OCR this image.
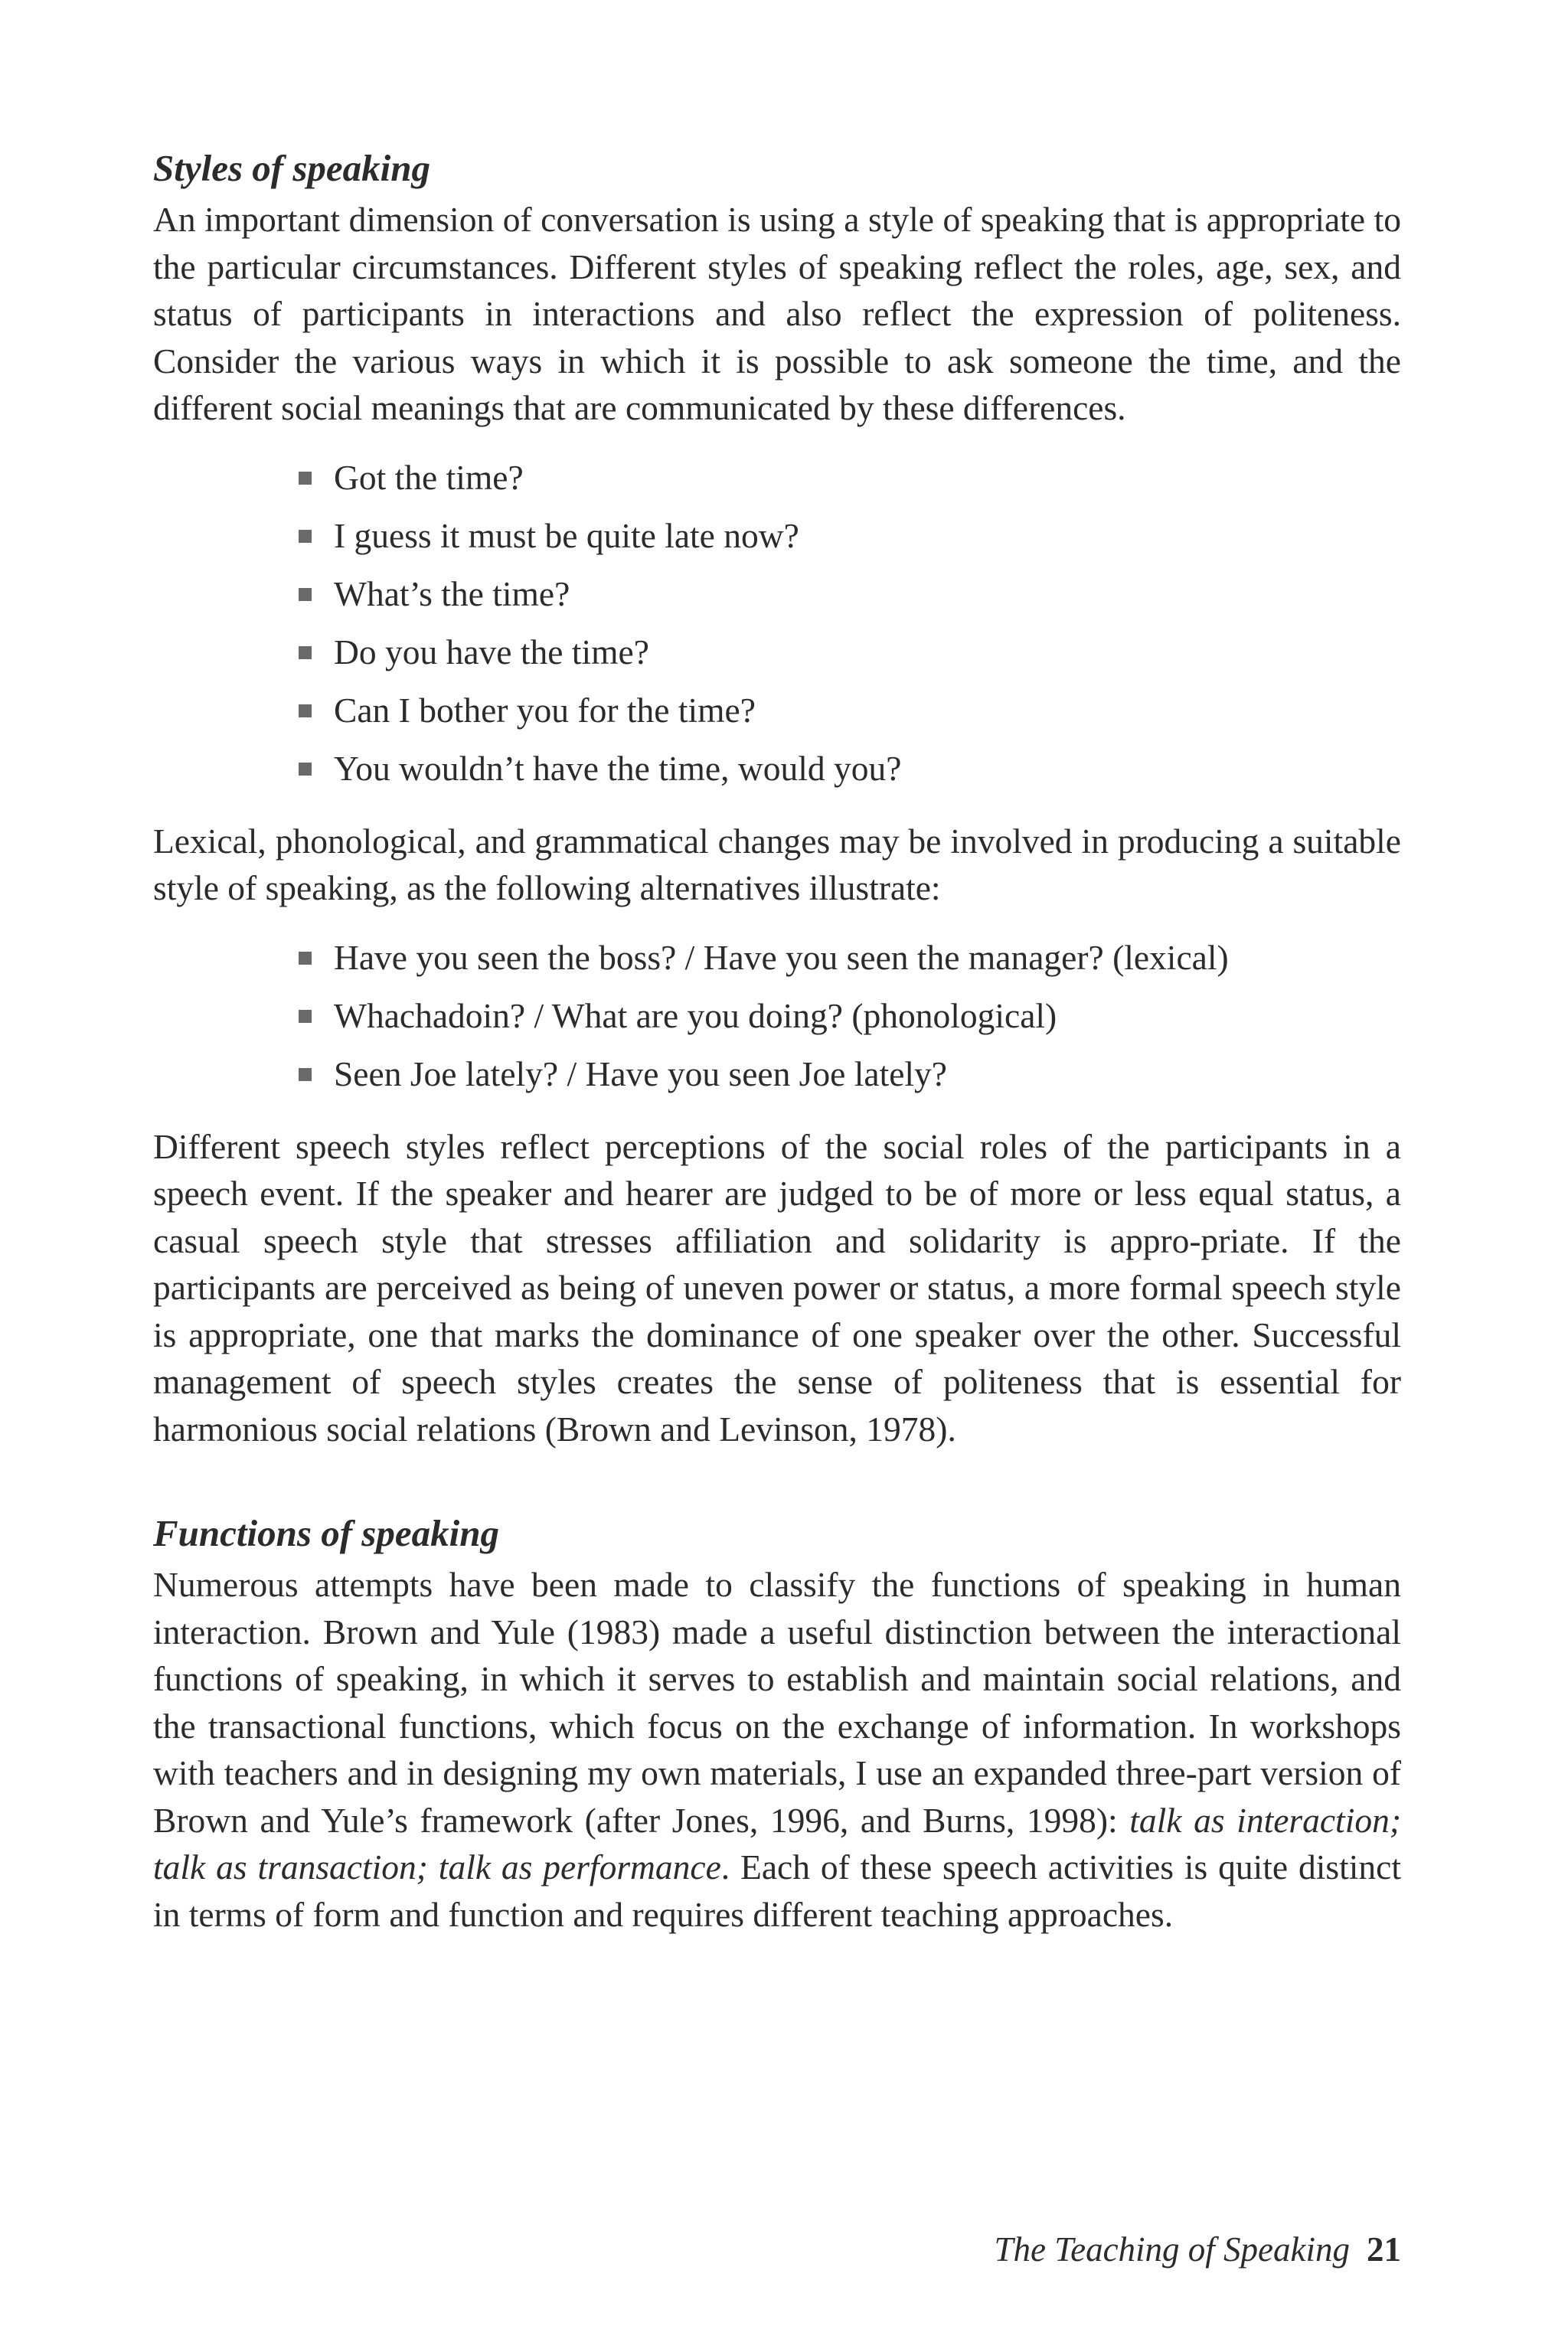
Styles of speaking

An important dimension of conversation is using a style of speaking that is appropriate to the particular circumstances. Different styles of speaking reflect the roles, age, sex, and status of participants in interactions and also reflect the expression of politeness. Consider the various ways in which it is possible to ask someone the time, and the different social meanings that are communicated by these differences.

Got the time?
I guess it must be quite late now?
What’s the time?
Do you have the time?
Can I bother you for the time?
You wouldn’t have the time, would you?

Lexical, phonological, and grammatical changes may be involved in producing a suitable style of speaking, as the following alternatives illustrate:

Have you seen the boss? / Have you seen the manager? (lexical)
Whachadoin? / What are you doing? (phonological)
Seen Joe lately? / Have you seen Joe lately?

Different speech styles reflect perceptions of the social roles of the participants in a speech event. If the speaker and hearer are judged to be of more or less equal status, a casual speech style that stresses affiliation and solidarity is appro-priate. If the participants are perceived as being of uneven power or status, a more formal speech style is appropriate, one that marks the dominance of one speaker over the other. Successful management of speech styles creates the sense of politeness that is essential for harmonious social relations (Brown and Levinson, 1978).

Functions of speaking

Numerous attempts have been made to classify the functions of speaking in human interaction. Brown and Yule (1983) made a useful distinction between the interactional functions of speaking, in which it serves to establish and maintain social relations, and the transactional functions, which focus on the exchange of information. In workshops with teachers and in designing my own materials, I use an expanded three-part version of Brown and Yule’s framework (after Jones, 1996, and Burns, 1998): talk as interaction; talk as transaction; talk as performance. Each of these speech activities is quite distinct in terms of form and function and requires different teaching approaches.

The Teaching of Speaking 21
